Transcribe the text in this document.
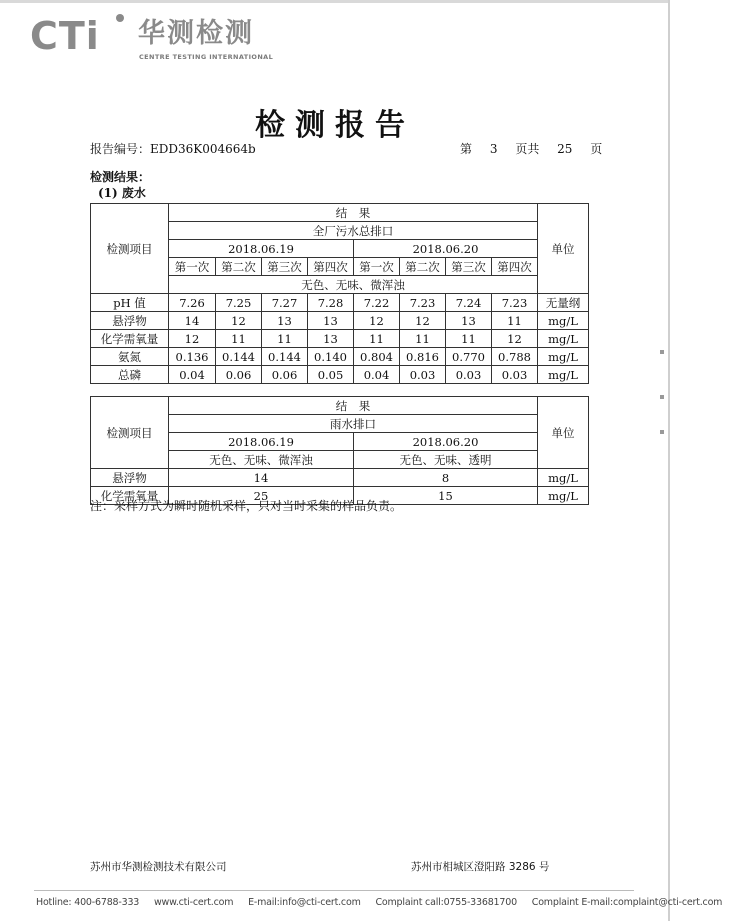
CTi 华测检测
CENTRE TESTING INTERNATIONAL
检测报告
报告编号：EDD36K004664b	第 3 页共 25 页
检测结果：
(1) 废水
检测项目	结　果								单位
	全厂污水总排口								
	2018.06.19				2018.06.20				
	第一次	第二次	第三次	第四次	第一次	第二次	第三次	第四次	
	无色、无味、微浑浊								
pH 值	7.26	7.25	7.27	7.28	7.22	7.23	7.24	7.23	无量纲
悬浮物	14	12	13	13	12	12	13	11	mg/L
化学需氧量	12	11	11	13	11	11	11	12	mg/L
氨氮	0.136	0.144	0.144	0.140	0.804	0.816	0.770	0.788	mg/L
总磷	0.04	0.06	0.06	0.05	0.04	0.03	0.03	0.03	mg/L
检测项目	结　果		单位
	雨水排口		
	2018.06.19	2018.06.20	
	无色、无味、微浑浊	无色、无味、透明	
悬浮物	14	8	mg/L
化学需氧量	25	15	mg/L
注：采样方式为瞬时随机采样，只对当时采集的样品负责。
苏州市华测检测技术有限公司	苏州市相城区澄阳路 3286 号
Hotline: 400-6788-333 www.cti-cert.com E-mail:info@cti-cert.com Complaint call:0755-33681700 Complaint E-mail:complaint@cti-cert.com
